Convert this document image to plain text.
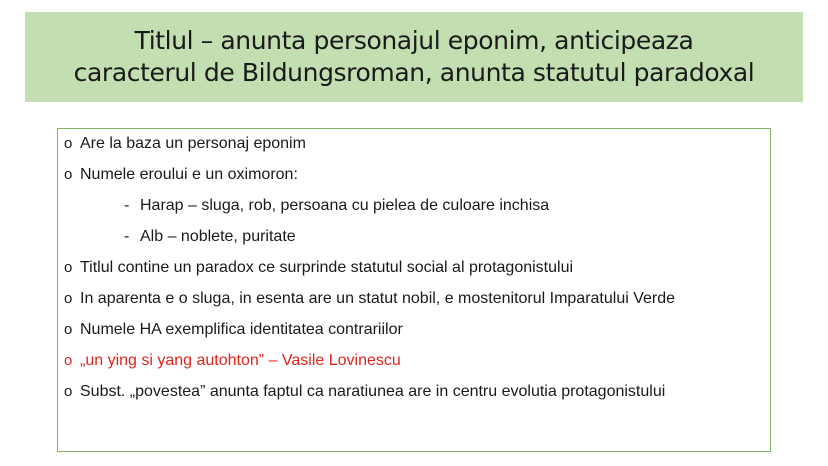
Titlul – anunta personajul eponim, anticipeaza
caracterul de Bildungsroman, anunta statutul paradoxal
o Are la baza un personaj eponim
o Numele eroului e un oximoron:
- Harap – sluga, rob, persoana cu pielea de culoare inchisa
- Alb – noblete, puritate
o Titlul contine un paradox ce surprinde statutul social al protagonistului
o In aparenta e o sluga, in esenta are un statut nobil, e mostenitorul Imparatului Verde
o Numele HA exemplifica identitatea contrariilor
o „un ying si yang autohton” – Vasile Lovinescu
o Subst. „povestea” anunta faptul ca naratiunea are in centru evolutia protagonistului
